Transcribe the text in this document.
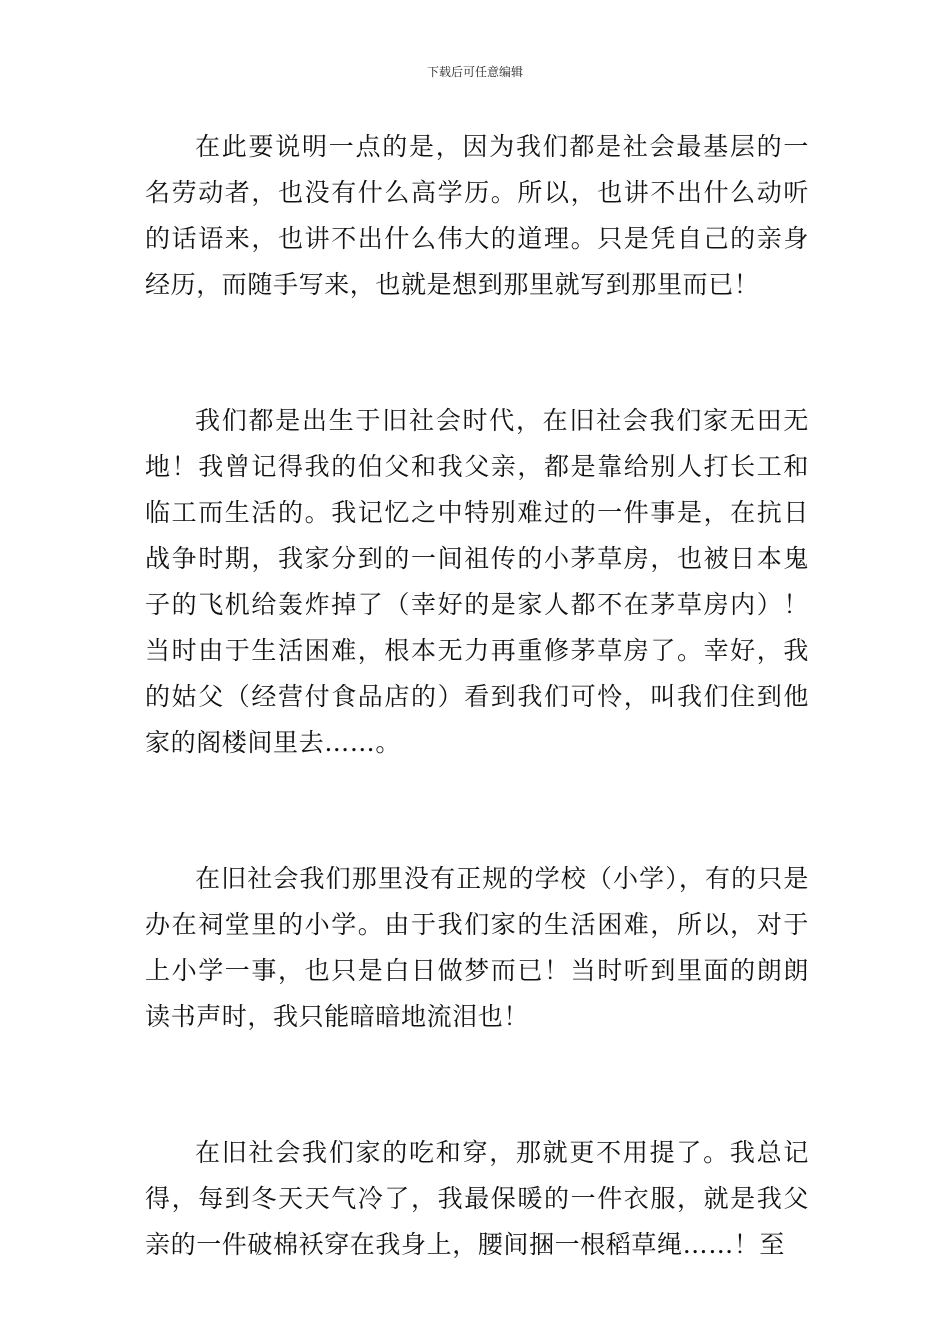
下载后可任意编辑

在此要说明一点的是，因为我们都是社会最基层的一名劳动者，也没有什么高学历。所以，也讲不出什么动听的话语来，也讲不出什么伟大的道理。只是凭自己的亲身经历，而随手写来，也就是想到那里就写到那里而已！

我们都是出生于旧社会时代，在旧社会我们家无田无地！我曾记得我的伯父和我父亲，都是靠给别人打长工和临工而生活的。我记忆之中特别难过的一件事是，在抗日战争时期，我家分到的一间祖传的小茅草房，也被日本鬼子的飞机给轰炸掉了（幸好的是家人都不在茅草房内）！当时由于生活困难，根本无力再重修茅草房了。幸好，我的姑父（经营付食品店的）看到我们可怜，叫我们住到他家的阁楼间里去……。

在旧社会我们那里没有正规的学校（小学），有的只是办在祠堂里的小学。由于我们家的生活困难，所以，对于上小学一事，也只是白日做梦而已！当时听到里面的朗朗读书声时，我只能暗暗地流泪也！

在旧社会我们家的吃和穿，那就更不用提了。我总记得，每到冬天天气冷了，我最保暖的一件衣服，就是我父亲的一件破棉袄穿在我身上，腰间捆一根稻草绳……！至
